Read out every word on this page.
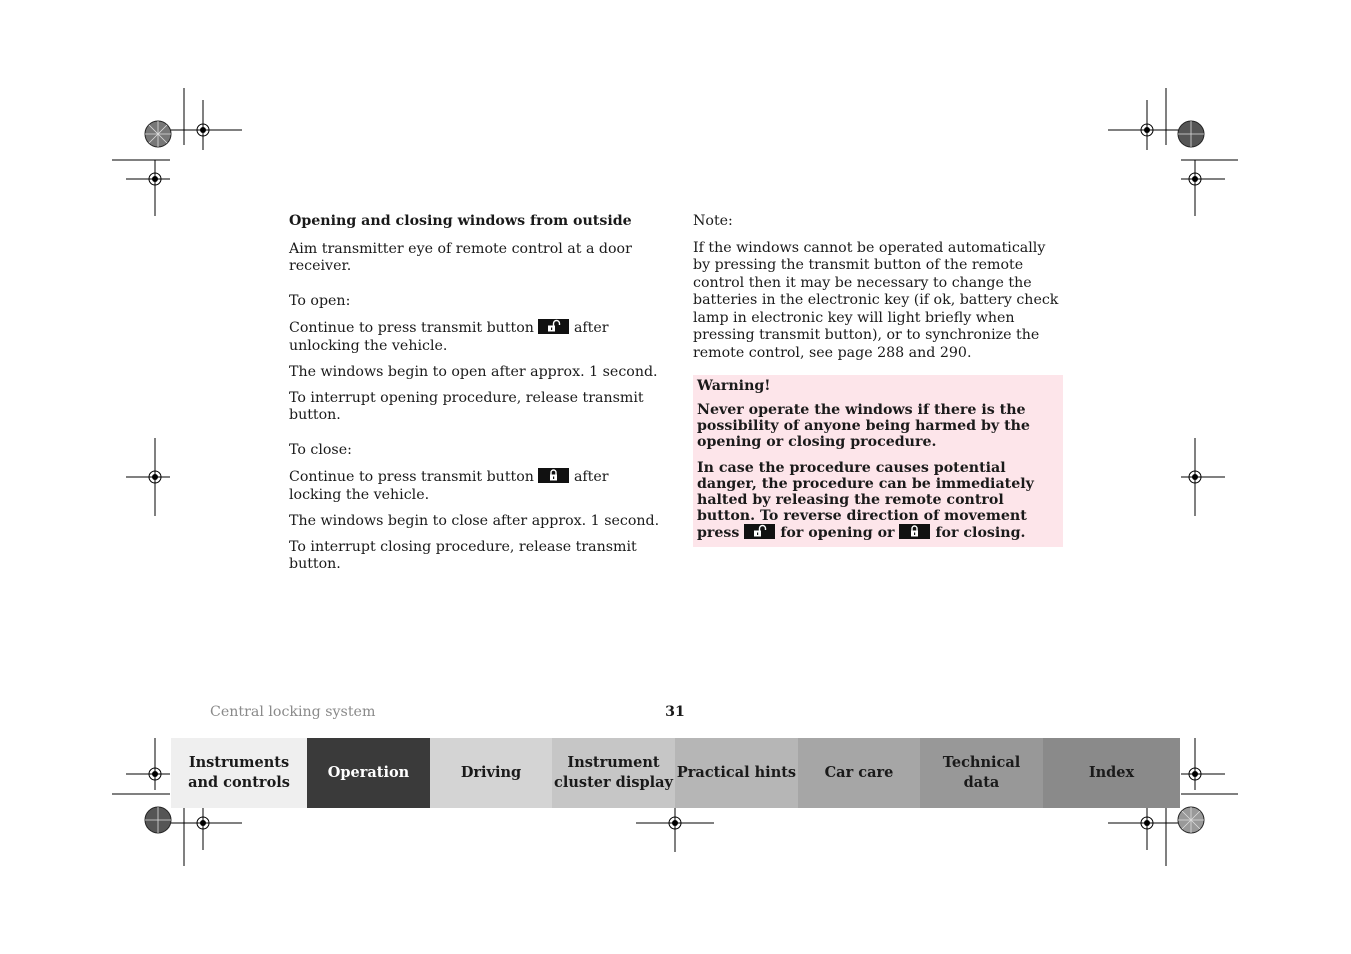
Opening and closing windows from outside

Aim transmitter eye of remote control at a door receiver.

To open:

Continue to press transmit button	after unlocking the vehicle.

The windows begin to open after approx. 1 second.

To interrupt opening procedure, release transmit button.

To close:

Continue to press transmit button	after locking the vehicle.

The windows begin to close after approx. 1 second.

To interrupt closing procedure, release transmit button.

Note:

If the windows cannot be operated automatically by pressing the transmit button of the remote control then it may be necessary to change the batteries in the electronic key (if ok, battery check lamp in electronic key will light briefly when pressing transmit button), or to synchronize the remote control, see page 288 and 290.

Warning!

Never operate the windows if there is the possibility of anyone being harmed by the opening or closing procedure.

In case the procedure causes potential danger, the procedure can be immediately halted by releasing the remote control button. To reverse direction of movement press	for opening or	for closing.

Central locking system	31
Instruments
and controls
Operation	Driving
Instrument
cluster display
Practical hints Car care
Technical
data
Index
